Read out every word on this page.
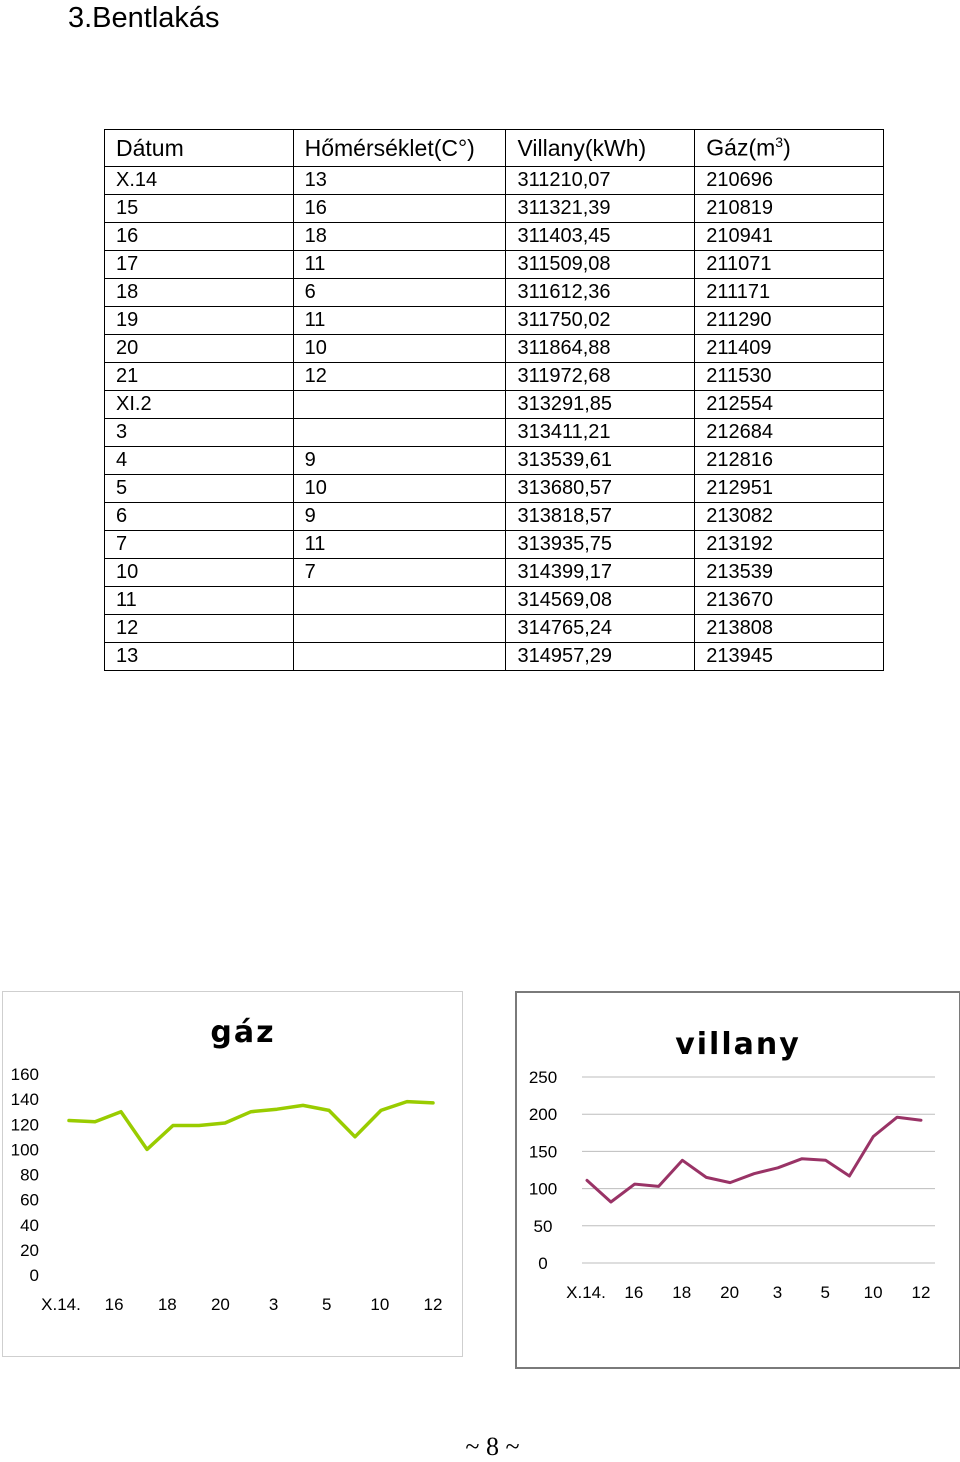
3.Bentlakás
Dátum	Hőmérséklet(C°)	Villany(kWh)	$Gáz(m^3)$
X.14	13	311210,07	210696
15	16	311321,39	210819
16	18	311403,45	210941
17	11	311509,08	211071
18	6	311612,36	211171
19	11	311750,02	211290
20	10	311864,88	211409
21	12	311972,68	211530
XI.2		313291,85	212554
3		313411,21	212684
4	9	313539,61	212816
5	10	313680,57	212951
6	9	313818,57	213082
7	11	313935,75	213192
10	7	314399,17	213539
11		314569,08	213670
12		314765,24	213808
13		314957,29	213945
gáz
160
140
120
100
80
60
40
20
0
X.14. 16 18 20 3	5 10 12
villany
250
200
150
100
50
0
X.14. 16 18 20 3 5 10 12
~ 8 ~
